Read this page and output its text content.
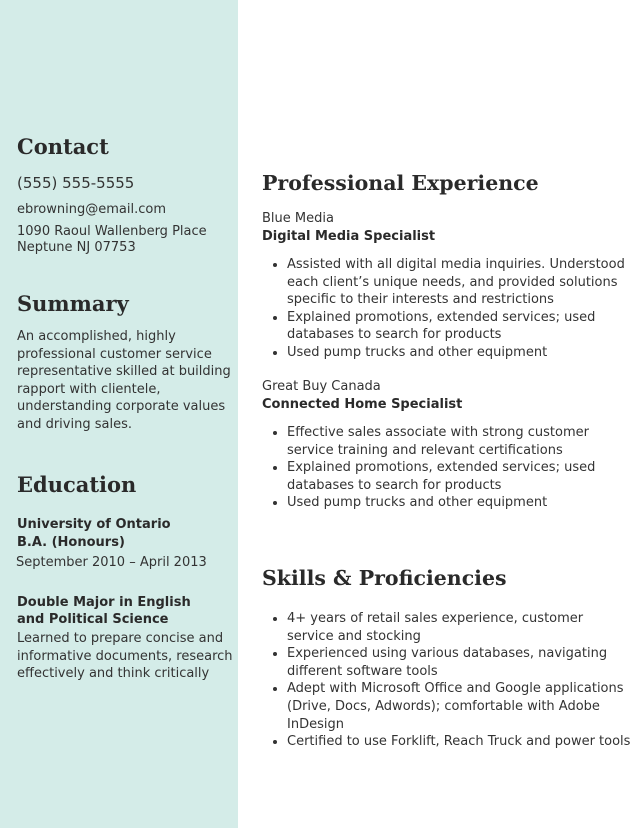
Contact
(555) 555-5555
ebrowning@email.com
1090 Raoul Wallenberg Place
Neptune NJ 07753
Summary
An accomplished, highly
professional customer service
representative skilled at building
rapport with clientele,
understanding corporate values
and driving sales.
Education
University of Ontario
B.A. (Honours)
September 2010 – April 2013
Double Major in English
and Political Science
Learned to prepare concise and
informative documents, research
effectively and think critically
Professional Experience
Blue Media
Digital Media Specialist
• Assisted with all digital media inquiries. Understood each client’s unique needs, and provided solutions specific to their interests and restrictions
• Explained promotions, extended services; used databases to search for products
• Used pump trucks and other equipment
Great Buy Canada
Connected Home Specialist
• Effective sales associate with strong customer service training and relevant certifications
• Explained promotions, extended services; used databases to search for products
• Used pump trucks and other equipment
Skills & Proficiencies
• 4+ years of retail sales experience, customer service and stocking
• Experienced using various databases, navigating different software tools
• Adept with Microsoft Office and Google applications (Drive, Docs, Adwords); comfortable with Adobe InDesign
• Certified to use Forklift, Reach Truck and power tools
